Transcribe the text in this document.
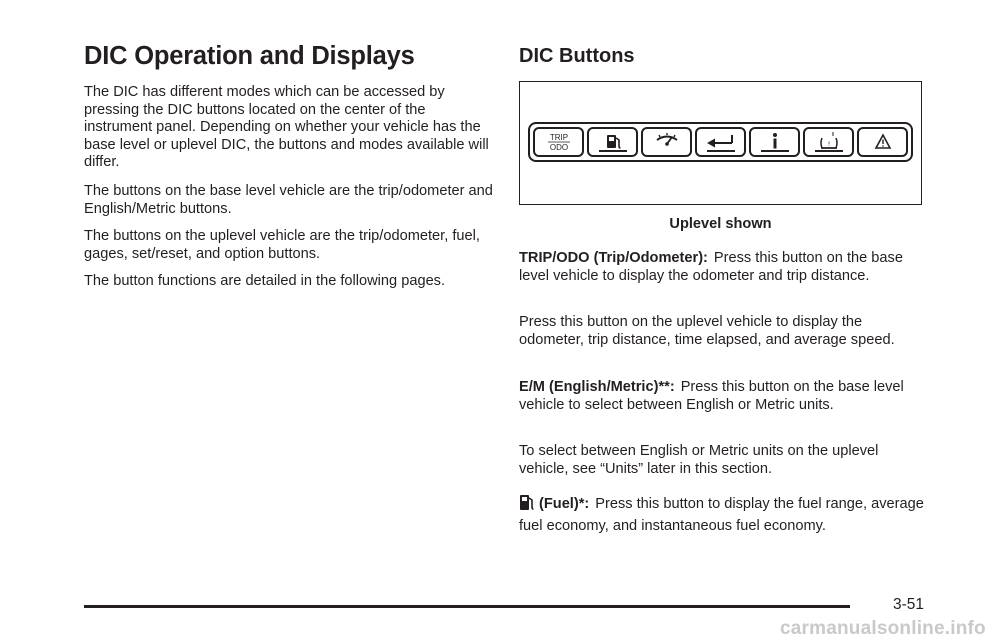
DIC Operation and Displays

The DIC has different modes which can be accessed by pressing the DIC buttons located on the center of the instrument panel. Depending on whether your vehicle has the base level or uplevel DIC, the buttons and modes available will differ.

The buttons on the base level vehicle are the trip/odometer and English/Metric buttons.

The buttons on the uplevel vehicle are the trip/odometer, fuel, gages, set/reset, and option buttons.

The button functions are detailed in the following pages.

DIC Buttons
TRIP
ODO	!
Uplevel shown

TRIP/ODO (Trip/Odometer): Press this button on the base level vehicle to display the odometer and trip distance.

Press this button on the uplevel vehicle to display the odometer, trip distance, time elapsed, and average speed.

E/M (English/Metric)**: Press this button on the base level vehicle to select between English or Metric units.

To select between English or Metric units on the uplevel vehicle, see “Units” later in this section.

(Fuel)*: Press this button to display the fuel range, average fuel economy, and instantaneous fuel economy.

3-51
carmanualsonline.info
